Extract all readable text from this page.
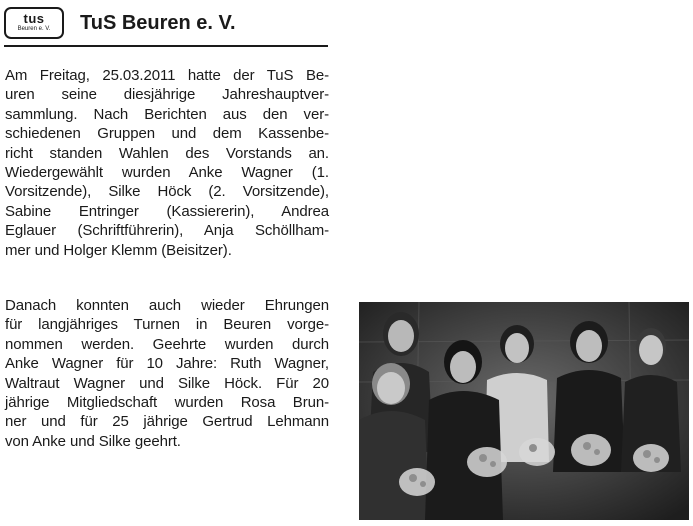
tus
Beuren e. V.	TuS Beuren e. V.
Am Freitag, 25.03.2011 hatte der TuS Be-
uren seine diesjährige Jahreshauptver-
sammlung. Nach Berichten aus den ver-
schiedenen Gruppen und dem Kassenbe-
richt standen Wahlen des Vorstands an.
Wiedergewählt wurden Anke Wagner (1.
Vorsitzende), Silke Höck (2. Vorsitzende),
Sabine Entringer (Kassiererin), Andrea
Eglauer (Schriftführerin), Anja Schöllham-
mer und Holger Klemm (Beisitzer).
Danach konnten auch wieder Ehrungen
für langjähriges Turnen in Beuren vorge-
nommen werden. Geehrte wurden durch
Anke Wagner für 10 Jahre: Ruth Wagner,
Waltraut Wagner und Silke Höck. Für 20
jährige Mitgliedschaft wurden Rosa Brun-
ner und für 25 jährige Gertrud Lehmann
von Anke und Silke geehrt.
